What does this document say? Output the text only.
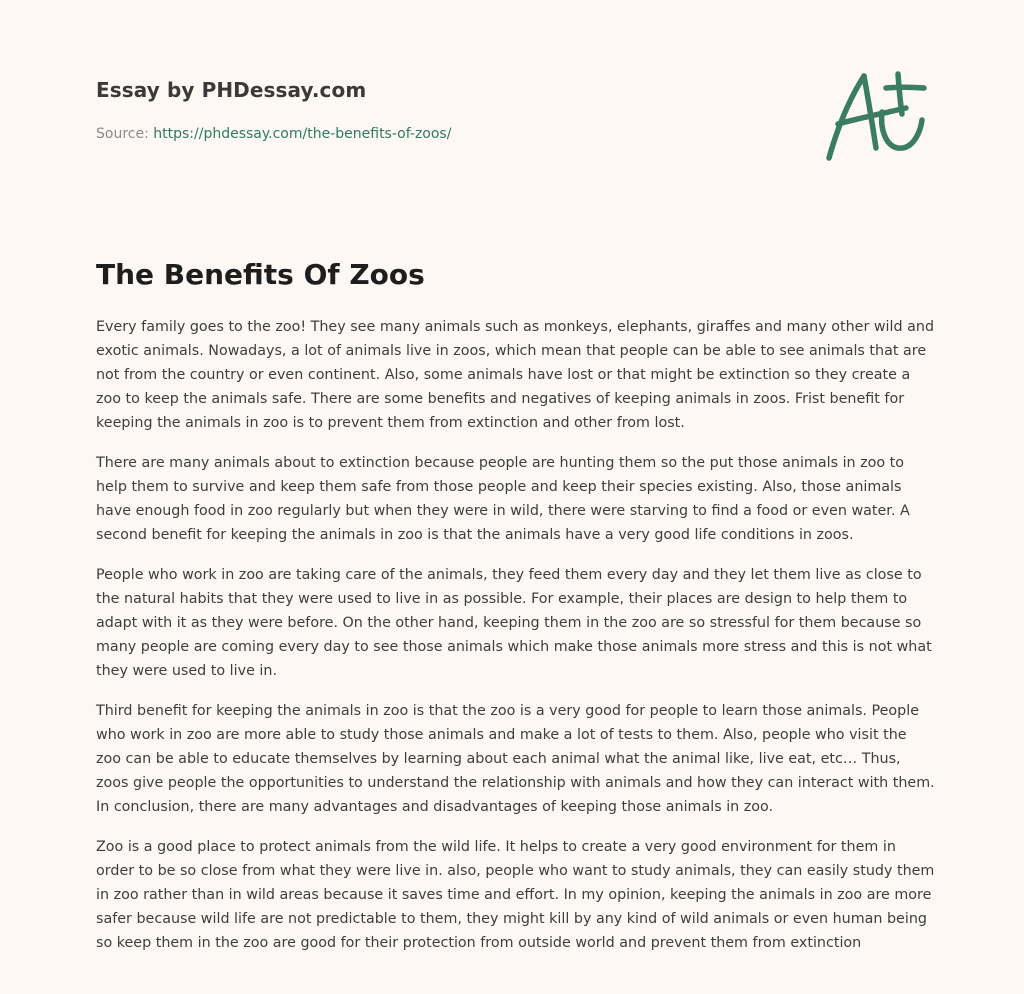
Essay by PHDessay.com
Source: https://phdessay.com/the-benefits-of-zoos/
The Benefits Of Zoos

Every family goes to the zoo! They see many animals such as monkeys, elephants, giraffes and many other wild and exotic animals. Nowadays, a lot of animals live in zoos, which mean that people can be able to see animals that are not from the country or even continent. Also, some animals have lost or that might be extinction so they create a zoo to keep the animals safe. There are some benefits and negatives of keeping animals in zoos. Frist benefit for keeping the animals in zoo is to prevent them from extinction and other from lost.

There are many animals about to extinction because people are hunting them so the put those animals in zoo to help them to survive and keep them safe from those people and keep their species existing. Also, those animals have enough food in zoo regularly but when they were in wild, there were starving to find a food or even water. A second benefit for keeping the animals in zoo is that the animals have a very good life conditions in zoos.

People who work in zoo are taking care of the animals, they feed them every day and they let them live as close to the natural habits that they were used to live in as possible. For example, their places are design to help them to adapt with it as they were before. On the other hand, keeping them in the zoo are so stressful for them because so many people are coming every day to see those animals which make those animals more stress and this is not what they were used to live in.

Third benefit for keeping the animals in zoo is that the zoo is a very good for people to learn those animals. People who work in zoo are more able to study those animals and make a lot of tests to them. Also, people who visit the zoo can be able to educate themselves by learning about each animal what the animal like, live eat, etc… Thus, zoos give people the opportunities to understand the relationship with animals and how they can interact with them. In conclusion, there are many advantages and disadvantages of keeping those animals in zoo.

Zoo is a good place to protect animals from the wild life. It helps to create a very good environment for them in order to be so close from what they were live in. also, people who want to study animals, they can easily study them in zoo rather than in wild areas because it saves time and effort. In my opinion, keeping the animals in zoo are more safer because wild life are not predictable to them, they might kill by any kind of wild animals or even human being so keep them in the zoo are good for their protection from outside world and prevent them from extinction
